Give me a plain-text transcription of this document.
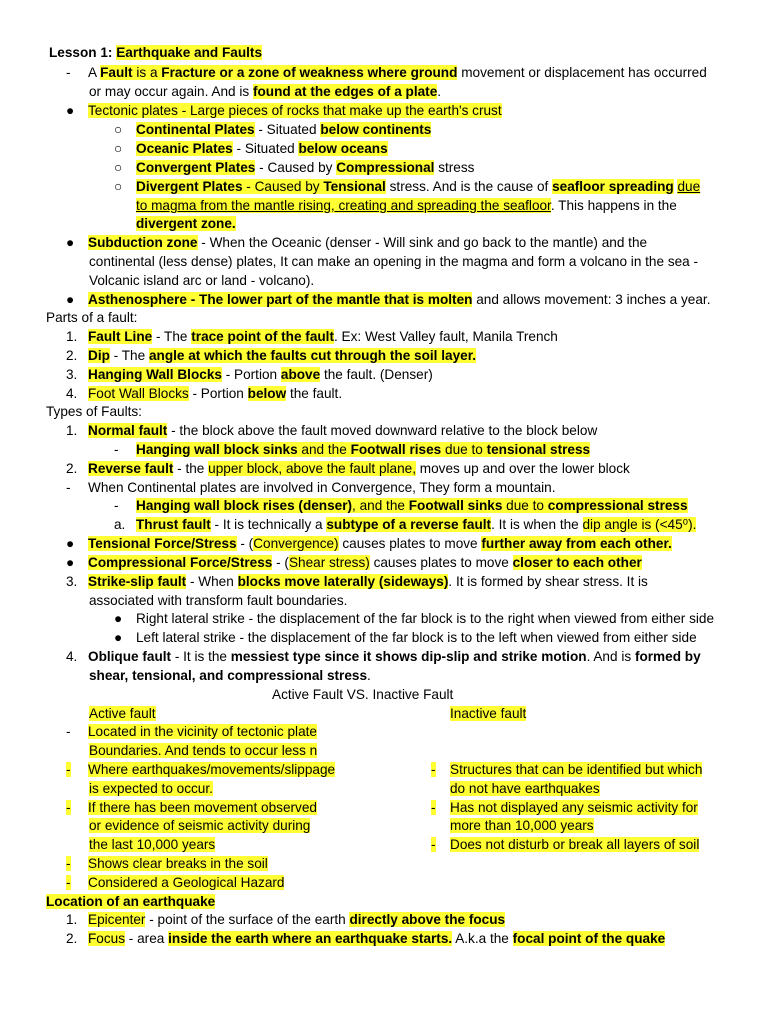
Lesson 1: Earthquake and Faults
- A Fault is a Fracture or a zone of weakness where ground movement or displacement has occurred
or may occur again. And is found at the edges of a plate.
● Tectonic plates - Large pieces of rocks that make up the earth's crust
○ Continental Plates - Situated below continents
○ Oceanic Plates - Situated below oceans
○ Convergent Plates - Caused by Compressional stress
○ Divergent Plates - Caused by Tensional stress. And is the cause of seafloor spreading due
to magma from the mantle rising, creating and spreading the seafloor. This happens in the
divergent zone.
● Subduction zone - When the Oceanic (denser - Will sink and go back to the mantle) and the
continental (less dense) plates, It can make an opening in the magma and form a volcano in the sea -
Volcanic island arc or land - volcano).
● Asthenosphere - The lower part of the mantle that is molten and allows movement: 3 inches a year.
Parts of a fault:
1. Fault Line - The trace point of the fault. Ex: West Valley fault, Manila Trench
2. Dip - The angle at which the faults cut through the soil layer.
3. Hanging Wall Blocks - Portion above the fault. (Denser)
4. Foot Wall Blocks - Portion below the fault.
Types of Faults:
1. Normal fault - the block above the fault moved downward relative to the block below
- Hanging wall block sinks and the Footwall rises due to tensional stress
2. Reverse fault - the upper block, above the fault plane, moves up and over the lower block
- When Continental plates are involved in Convergence, They form a mountain.
- Hanging wall block rises (denser), and the Footwall sinks due to compressional stress
a. Thrust fault - It is technically a subtype of a reverse fault. It is when the dip angle is (<45⁰).
● Tensional Force/Stress - (Convergence) causes plates to move further away from each other.
● Compressional Force/Stress - (Shear stress) causes plates to move closer to each other
3. Strike-slip fault - When blocks move laterally (sideways). It is formed by shear stress. It is
associated with transform fault boundaries.
● Right lateral strike - the displacement of the far block is to the right when viewed from either side
● Left lateral strike - the displacement of the far block is to the left when viewed from either side
4. Oblique fault - It is the messiest type since it shows dip-slip and strike motion. And is formed by
shear, tensional, and compressional stress.
Active Fault VS. Inactive Fault
Active fault
- Located in the vicinity of tectonic plate
Boundaries. And tends to occur less n
- Where earthquakes/movements/slippage
is expected to occur.
- If there has been movement observed
or evidence of seismic activity during
the last 10,000 years
- Shows clear breaks in the soil
- Considered a Geological Hazard
Inactive fault
- Structures that can be identified but which
do not have earthquakes
- Has not displayed any seismic activity for
more than 10,000 years
- Does not disturb or break all layers of soil
Location of an earthquake
1. Epicenter - point of the surface of the earth directly above the focus
2. Focus - area inside the earth where an earthquake starts. A.k.a the focal point of the quake
